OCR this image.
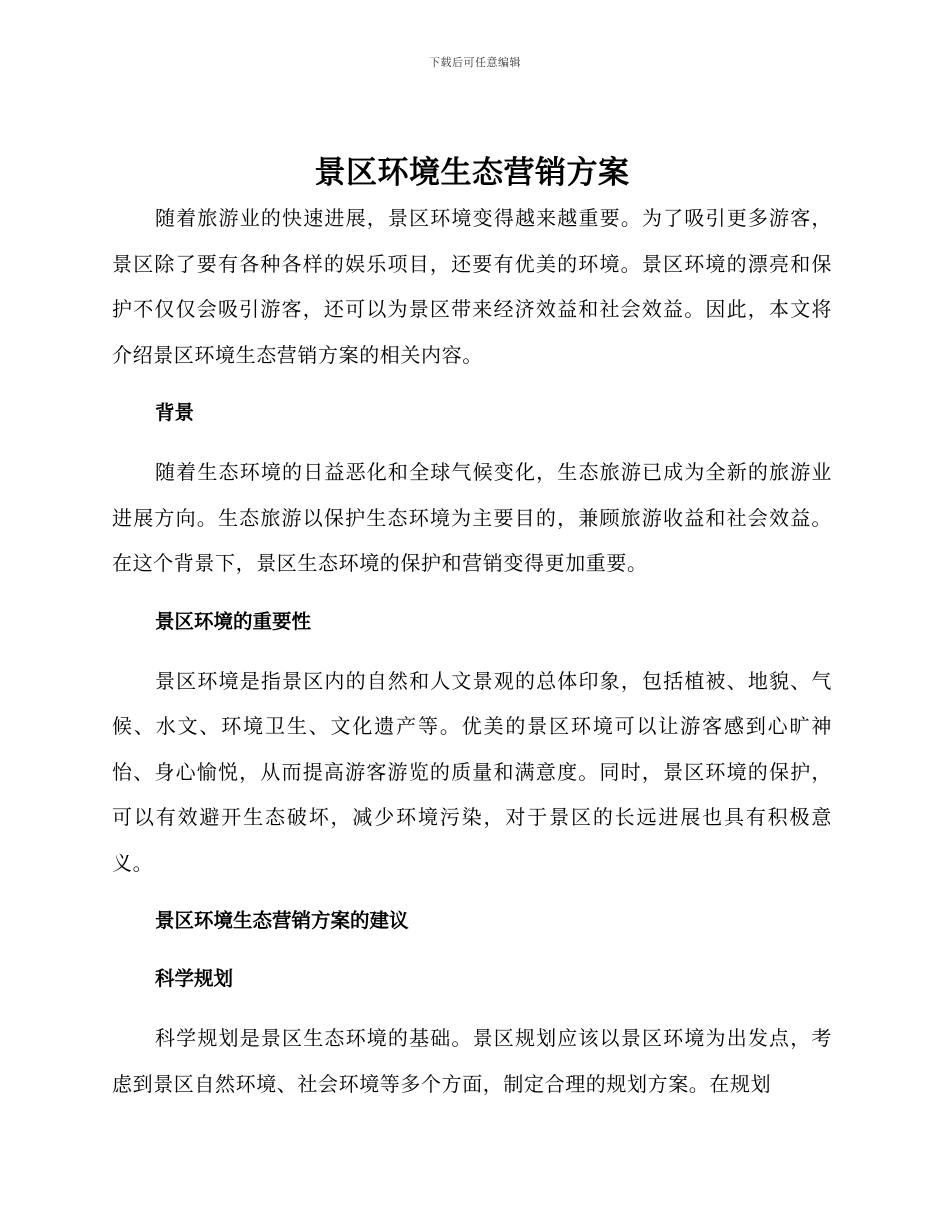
下载后可任意编辑
景区环境生态营销方案

随着旅游业的快速进展，景区环境变得越来越重要。为了吸引更多游客，景区除了要有各种各样的娱乐项目，还要有优美的环境。景区环境的漂亮和保护不仅仅会吸引游客，还可以为景区带来经济效益和社会效益。因此，本文将介绍景区环境生态营销方案的相关内容。

背景

随着生态环境的日益恶化和全球气候变化，生态旅游已成为全新的旅游业进展方向。生态旅游以保护生态环境为主要目的，兼顾旅游收益和社会效益。在这个背景下，景区生态环境的保护和营销变得更加重要。

景区环境的重要性

景区环境是指景区内的自然和人文景观的总体印象，包括植被、地貌、气候、水文、环境卫生、文化遗产等。优美的景区环境可以让游客感到心旷神怡、身心愉悦，从而提高游客游览的质量和满意度。同时，景区环境的保护，可以有效避开生态破坏，减少环境污染，对于景区的长远进展也具有积极意义。

景区环境生态营销方案的建议
科学规划

科学规划是景区生态环境的基础。景区规划应该以景区环境为出发点，考虑到景区自然环境、社会环境等多个方面，制定合理的规划方案。在规划
